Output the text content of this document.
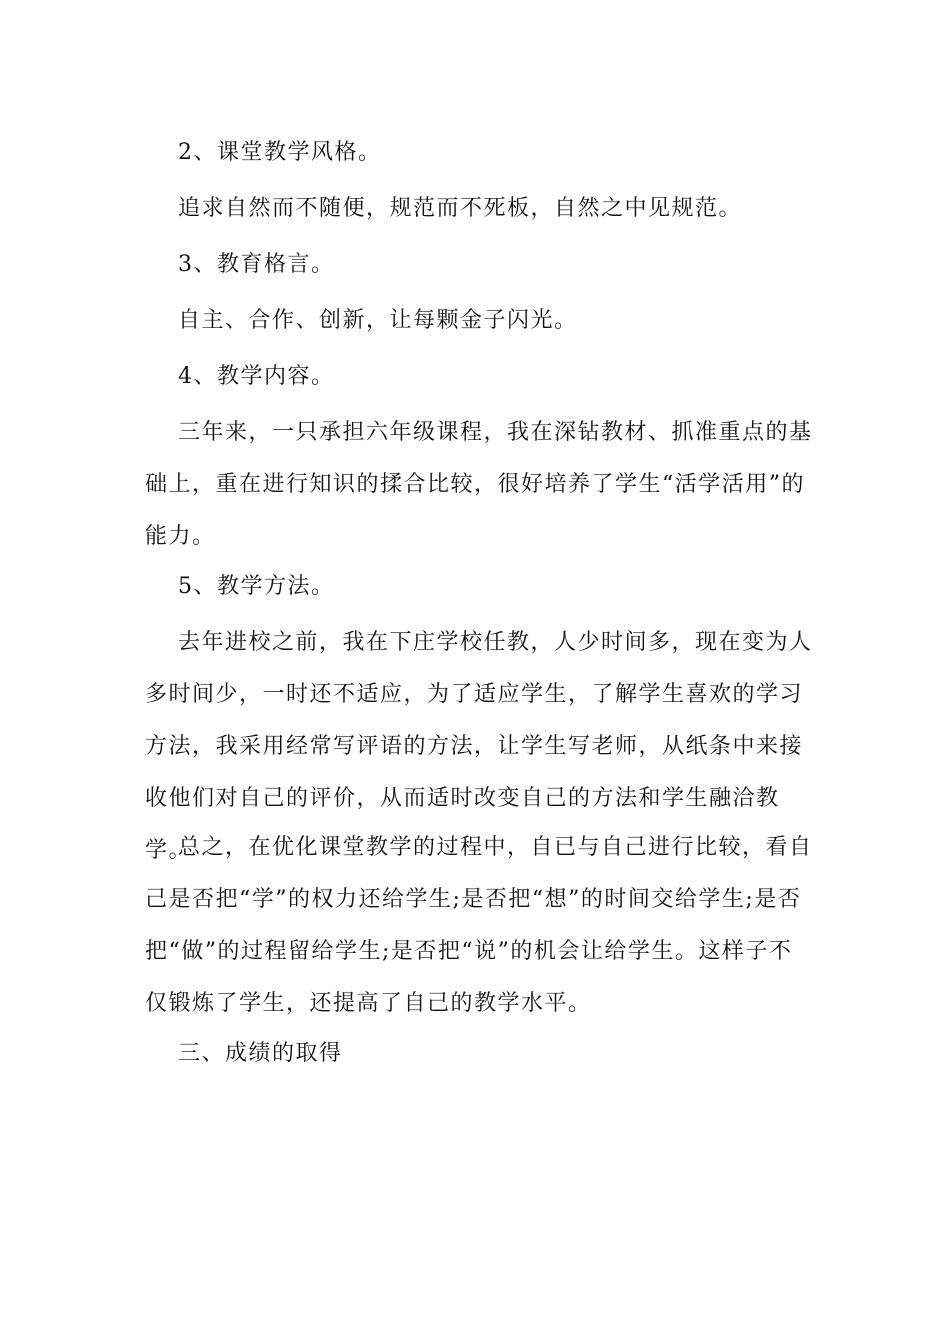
2、课堂教学风格。

追求自然而不随便，规范而不死板，自然之中见规范。

3、教育格言。

自主、合作、创新，让每颗金子闪光。

4、教学内容。

三年来，一只承担六年级课程，我在深钻教材、抓准重点的基础上，重在进行知识的揉合比较，很好培养了学生“活学活用”的能力。

5、教学方法。

去年进校之前，我在下庄学校任教，人少时间多，现在变为人多时间少，一时还不适应，为了适应学生，了解学生喜欢的学习方法，我采用经常写评语的方法，让学生写老师，从纸条中来接收他们对自己的评价，从而适时改变自己的方法和学生融洽教学。

总之，在优化课堂教学的过程中，自已与自己进行比较，看自己是否把“学”的权力还给学生;是否把“想”的时间交给学生;是否把“做”的过程留给学生;是否把“说”的机会让给学生。这样子不仅锻炼了学生，还提高了自己的教学水平。

三、成绩的取得
